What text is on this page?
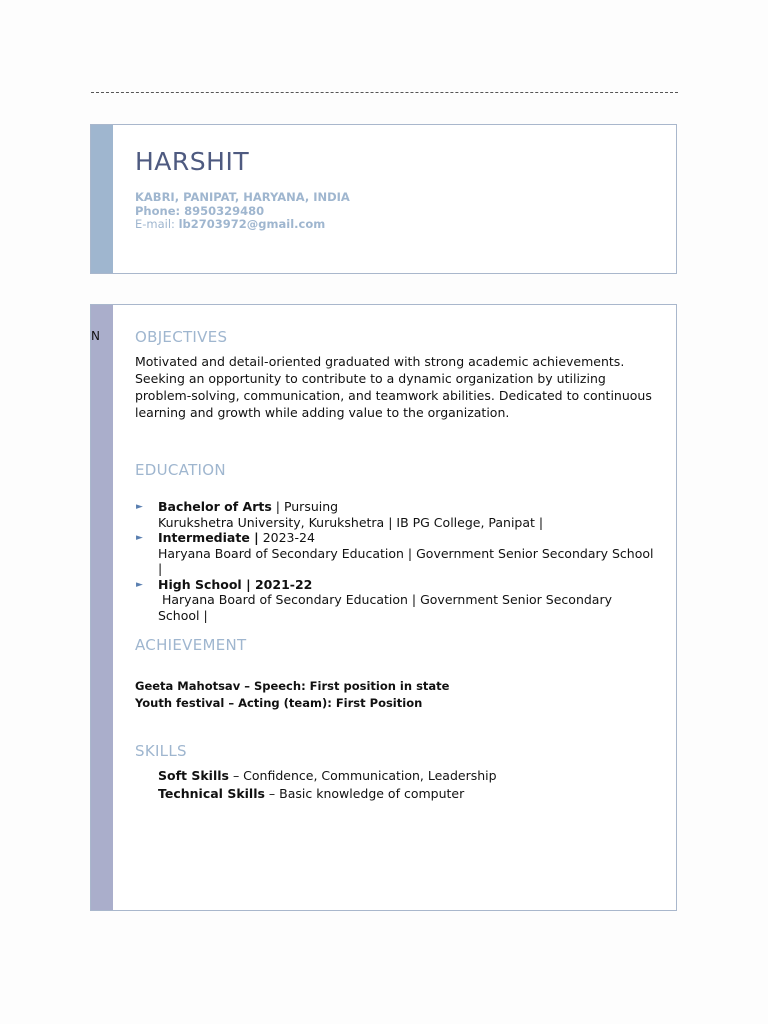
HARSHIT
KABRI, PANIPAT, HARYANA, INDIA
Phone: 8950329480
E-mail: lb2703972@gmail.com
OBJECTIVES
Motivated and detail-oriented graduated with strong academic achievements. Seeking an opportunity to contribute to a dynamic organization by utilizing problem-solving, communication, and teamwork abilities. Dedicated to continuous learning and growth while adding value to the organization.
EDUCATION
► Bachelor of Arts | Pursuing
Kurukshetra University, Kurukshetra | IB PG College, Panipat |
► Intermediate | 2023-24
Haryana Board of Secondary Education | Government Senior Secondary School |
► High School | 2021-22
Haryana Board of Secondary Education | Government Senior Secondary School |
ACHIEVEMENT
Geeta Mahotsav – Speech: First position in state
Youth festival – Acting (team): First Position
SKILLS
Soft Skills – Confidence, Communication, Leadership
Technical Skills – Basic knowledge of computer
N
